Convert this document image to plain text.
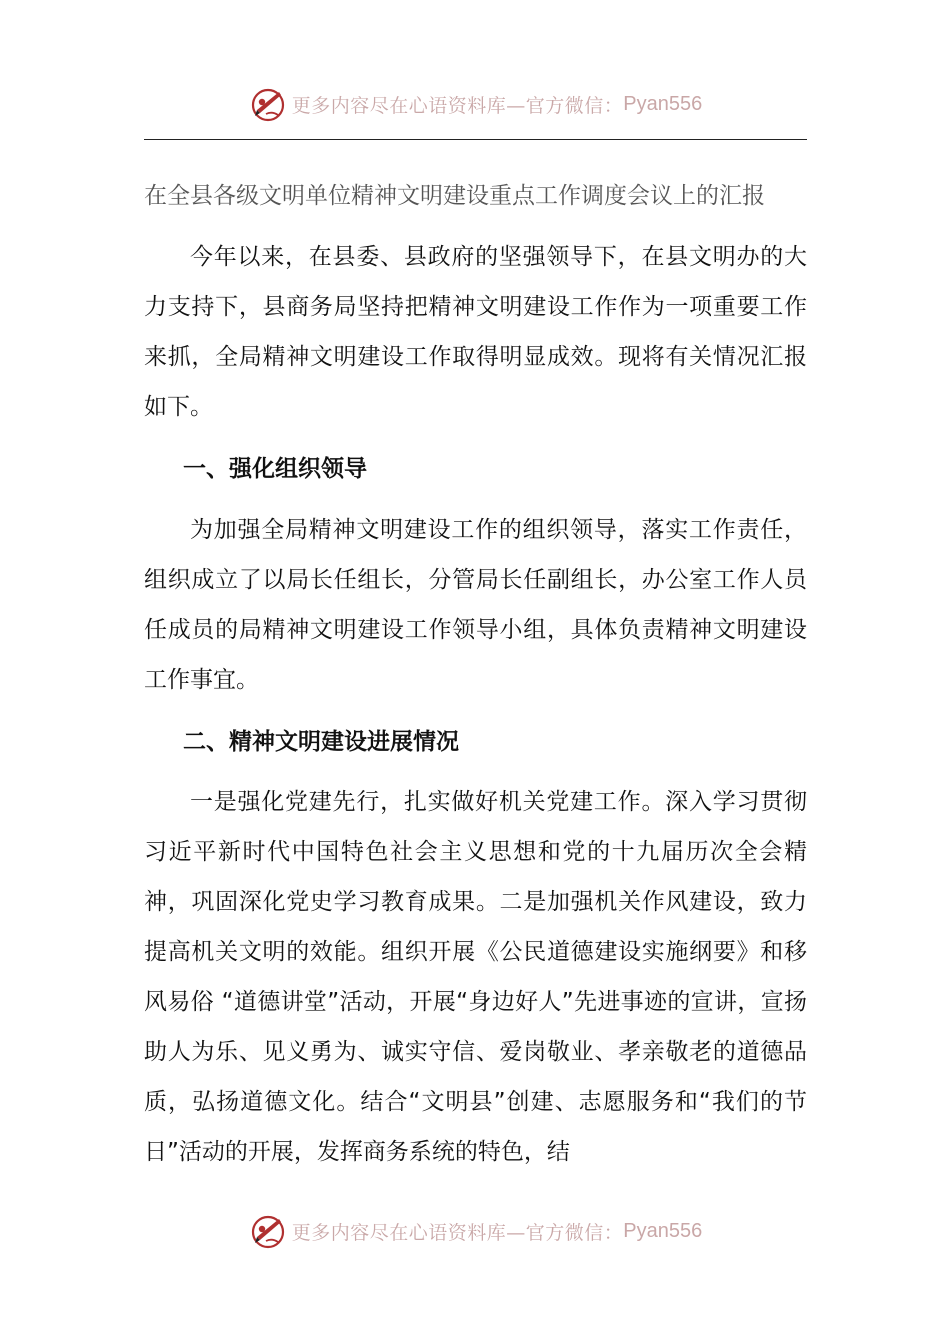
更多内容尽在心语资料库—官方微信： Pyan556
在全县各级文明单位精神文明建设重点工作调度会议上的汇报

今年以来，在县委、县政府的坚强领导下，在县文明办的大力支持下，县商务局坚持把精神文明建设工作作为一项重要工作来抓，全局精神文明建设工作取得明显成效。现将有关情况汇报如下。

一、强化组织领导

为加强全局精神文明建设工作的组织领导，落实工作责任，组织成立了以局长任组长，分管局长任副组长，办公室工作人员任成员的局精神文明建设工作领导小组，具体负责精神文明建设工作事宜。

二、精神文明建设进展情况

一是强化党建先行，扎实做好机关党建工作。深入学习贯彻习近平新时代中国特色社会主义思想和党的十九届历次全会精神，巩固深化党史学习教育成果。二是加强机关作风建设，致力提高机关文明的效能。组织开展《公民道德建设实施纲要》和移风易俗 “道德讲堂”活动，开展“身边好人”先进事迹的宣讲，宣扬助人为乐、见义勇为、诚实守信、爱岗敬业、孝亲敬老的道德品质，弘扬道德文化。结合“文明县”创建、志愿服务和“我们的节日”活动的开展，发挥商务系统的特色，结

更多内容尽在心语资料库—官方微信： Pyan556
